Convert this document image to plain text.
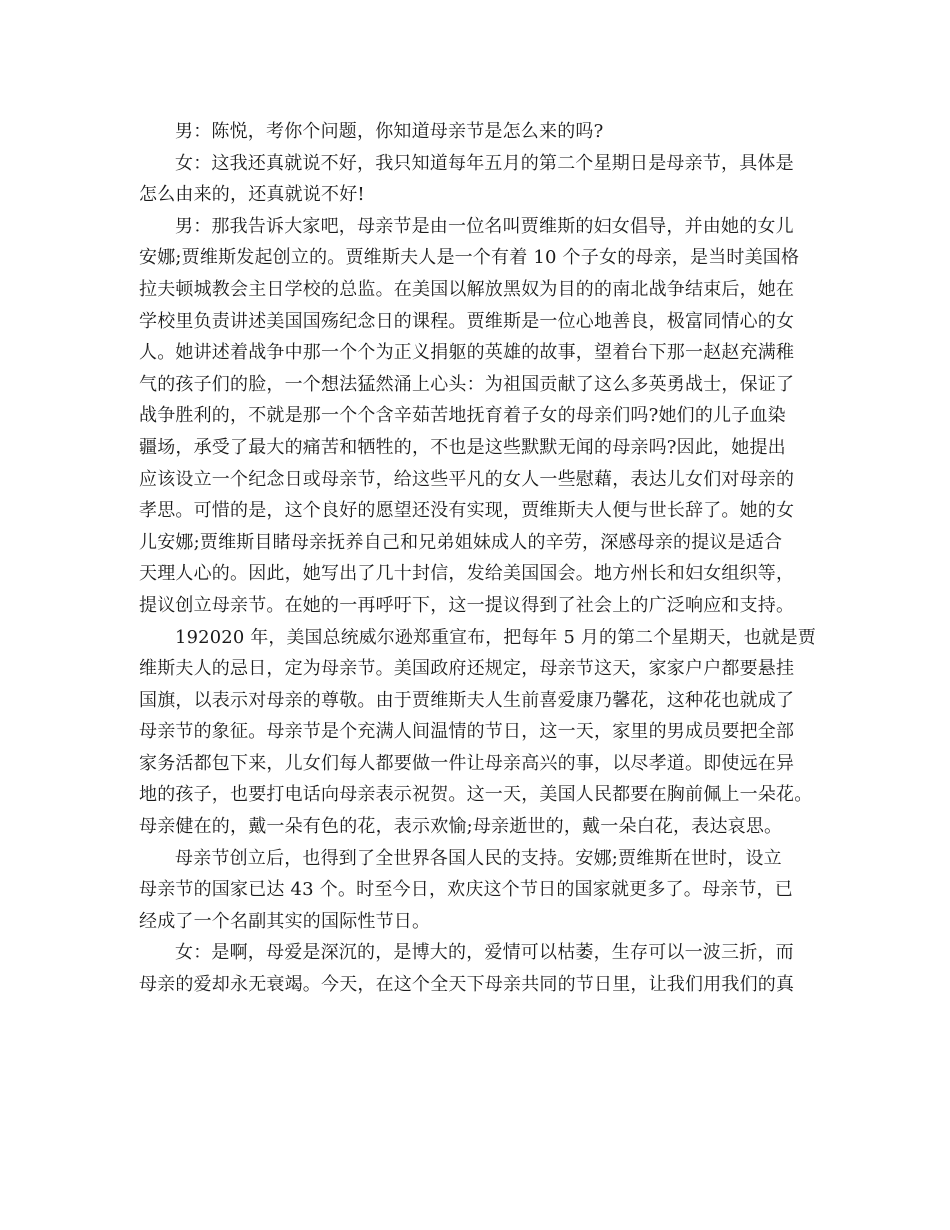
男：陈悦，考你个问题，你知道母亲节是怎么来的吗?
女：这我还真就说不好，我只知道每年五月的第二个星期日是母亲节，具体是
怎么由来的，还真就说不好!
男：那我告诉大家吧，母亲节是由一位名叫贾维斯的妇女倡导，并由她的女儿
安娜;贾维斯发起创立的。贾维斯夫人是一个有着 10 个子女的母亲，是当时美国格
拉夫顿城教会主日学校的总监。在美国以解放黑奴为目的的南北战争结束后，她在
学校里负责讲述美国国殇纪念日的课程。贾维斯是一位心地善良，极富同情心的女
人。她讲述着战争中那一个个为正义捐躯的英雄的故事，望着台下那一赵赵充满稚
气的孩子们的脸，一个想法猛然涌上心头：为祖国贡献了这么多英勇战士，保证了
战争胜利的，不就是那一个个含辛茹苦地抚育着子女的母亲们吗?她们的儿子血染
疆场，承受了最大的痛苦和牺牲的，不也是这些默默无闻的母亲吗?因此，她提出
应该设立一个纪念日或母亲节，给这些平凡的女人一些慰藉，表达儿女们对母亲的
孝思。可惜的是，这个良好的愿望还没有实现，贾维斯夫人便与世长辞了。她的女
儿安娜;贾维斯目睹母亲抚养自己和兄弟姐妹成人的辛劳，深感母亲的提议是适合
天理人心的。因此，她写出了几十封信，发给美国国会。地方州长和妇女组织等，
提议创立母亲节。在她的一再呼吁下，这一提议得到了社会上的广泛响应和支持。
192020 年，美国总统威尔逊郑重宣布，把每年 5 月的第二个星期天，也就是贾
维斯夫人的忌日，定为母亲节。美国政府还规定，母亲节这天，家家户户都要悬挂
国旗，以表示对母亲的尊敬。由于贾维斯夫人生前喜爱康乃馨花，这种花也就成了
母亲节的象征。母亲节是个充满人间温情的节日，这一天，家里的男成员要把全部
家务活都包下来，儿女们每人都要做一件让母亲高兴的事，以尽孝道。即使远在异
地的孩子，也要打电话向母亲表示祝贺。这一天，美国人民都要在胸前佩上一朵花。
母亲健在的，戴一朵有色的花，表示欢愉;母亲逝世的，戴一朵白花，表达哀思。
母亲节创立后，也得到了全世界各国人民的支持。安娜;贾维斯在世时，设立
母亲节的国家已达 43 个。时至今日，欢庆这个节日的国家就更多了。母亲节，已
经成了一个名副其实的国际性节日。
女：是啊，母爱是深沉的，是博大的，爱情可以枯萎，生存可以一波三折，而
母亲的爱却永无衰竭。今天，在这个全天下母亲共同的节日里，让我们用我们的真
